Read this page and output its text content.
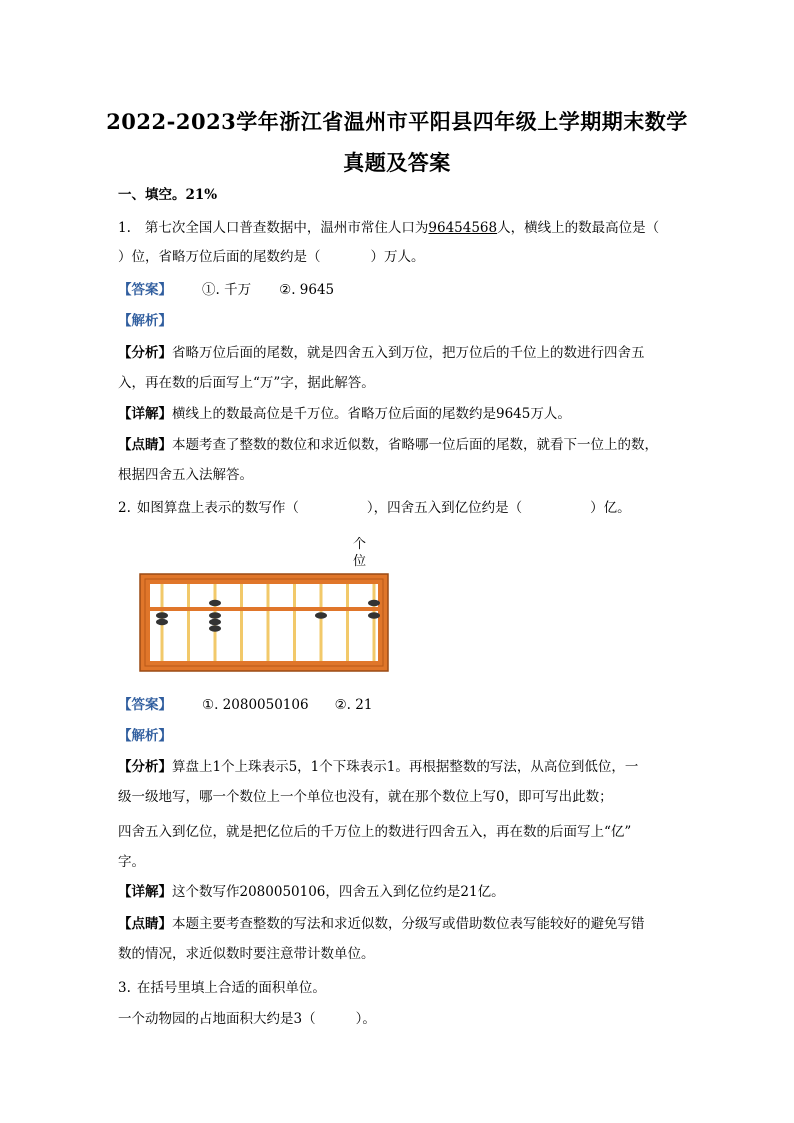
2022-2023学年浙江省温州市平阳县四年级上学期期末数学
真题及答案
一、填空。21%
1. 第七次全国人口普查数据中，温州市常住人口为96454568人，横线上的数最高位是（
）位，省略万位后面的尾数约是（	）万人。
【答案】 ①. 千万 ②. 9645
【解析】
【分析】省略万位后面的尾数，就是四舍五入到万位，把万位后的千位上的数进行四舍五
入，再在数的后面写上“万”字，据此解答。
【详解】横线上的数最高位是千万位。省略万位后面的尾数约是9645万人。
【点睛】本题考查了整数的数位和求近似数，省略哪一位后面的尾数，就看下一位上的数，
根据四舍五入法解答。
2. 如图算盘上表示的数写作（	），四舍五入到亿位约是（	）亿。
个
位
【答案】 ①. 2080050106 ②. 21
【解析】
【分析】算盘上1个上珠表示5，1个下珠表示1。再根据整数的写法，从高位到低位，一
级一级地写，哪一个数位上一个单位也没有，就在那个数位上写0，即可写出此数；
四舍五入到亿位，就是把亿位后的千万位上的数进行四舍五入，再在数的后面写上“亿”
字。
【详解】这个数写作2080050106，四舍五入到亿位约是21亿。
【点睛】本题主要考查整数的写法和求近似数，分级写或借助数位表写能较好的避免写错
数的情况，求近似数时要注意带计数单位。
3. 在括号里填上合适的面积单位。
一个动物园的占地面积大约是3（	）。
